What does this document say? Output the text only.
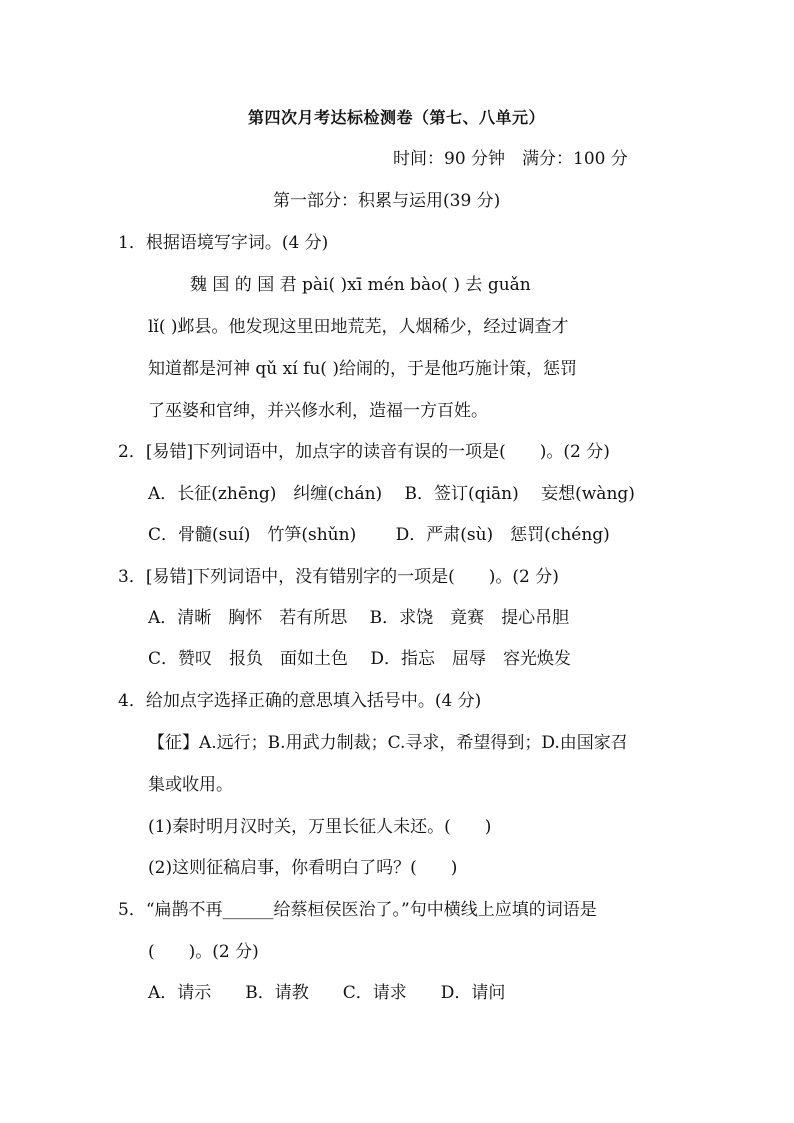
第四次月考达标检测卷（第七、八单元）
时间：90 分钟　满分：100 分
第一部分：积累与运用(39 分)
1．根据语境写字词。(4 分)
魏 国 的 国 君 pài( )xī mén bào( ) 去 guǎn
lǐ( )邺县。他发现这里田地荒芜，人烟稀少，经过调查才
知道都是河神 qǔ xí fu( )给闹的，于是他巧施计策，惩罚
了巫婆和官绅，并兴修水利，造福一方百姓。
2．[易错]下列词语中，加点字的读音有误的一项是(　　)。(2 分)
A．长征(zhēng)　纠缠(chán)　 B．签订(qiān)　 妄想(wàng)
C．骨髓(suí)　竹笋(shǔn)　　 D．严肃(sù)　惩罚(chéng)
3．[易错]下列词语中，没有错别字的一项是(　　)。(2 分)
A．清晰　胸怀　若有所思　 B．求饶　竟赛　提心吊胆
C．赞叹　报负　面如土色　 D．指忘　屈辱　容光焕发
4．给加点字选择正确的意思填入括号中。(4 分)
【征】A.远行；B.用武力制裁；C.寻求，希望得到；D.由国家召
集或收用。
(1)秦时明月汉时关，万里长征人未还。(　　)
(2)这则征稿启事，你看明白了吗？(　　)
5．“扁鹊不再______给蔡桓侯医治了。”句中横线上应填的词语是
(　　)。(2 分)
A．请示　　B．请教　　C．请求　　D．请问
